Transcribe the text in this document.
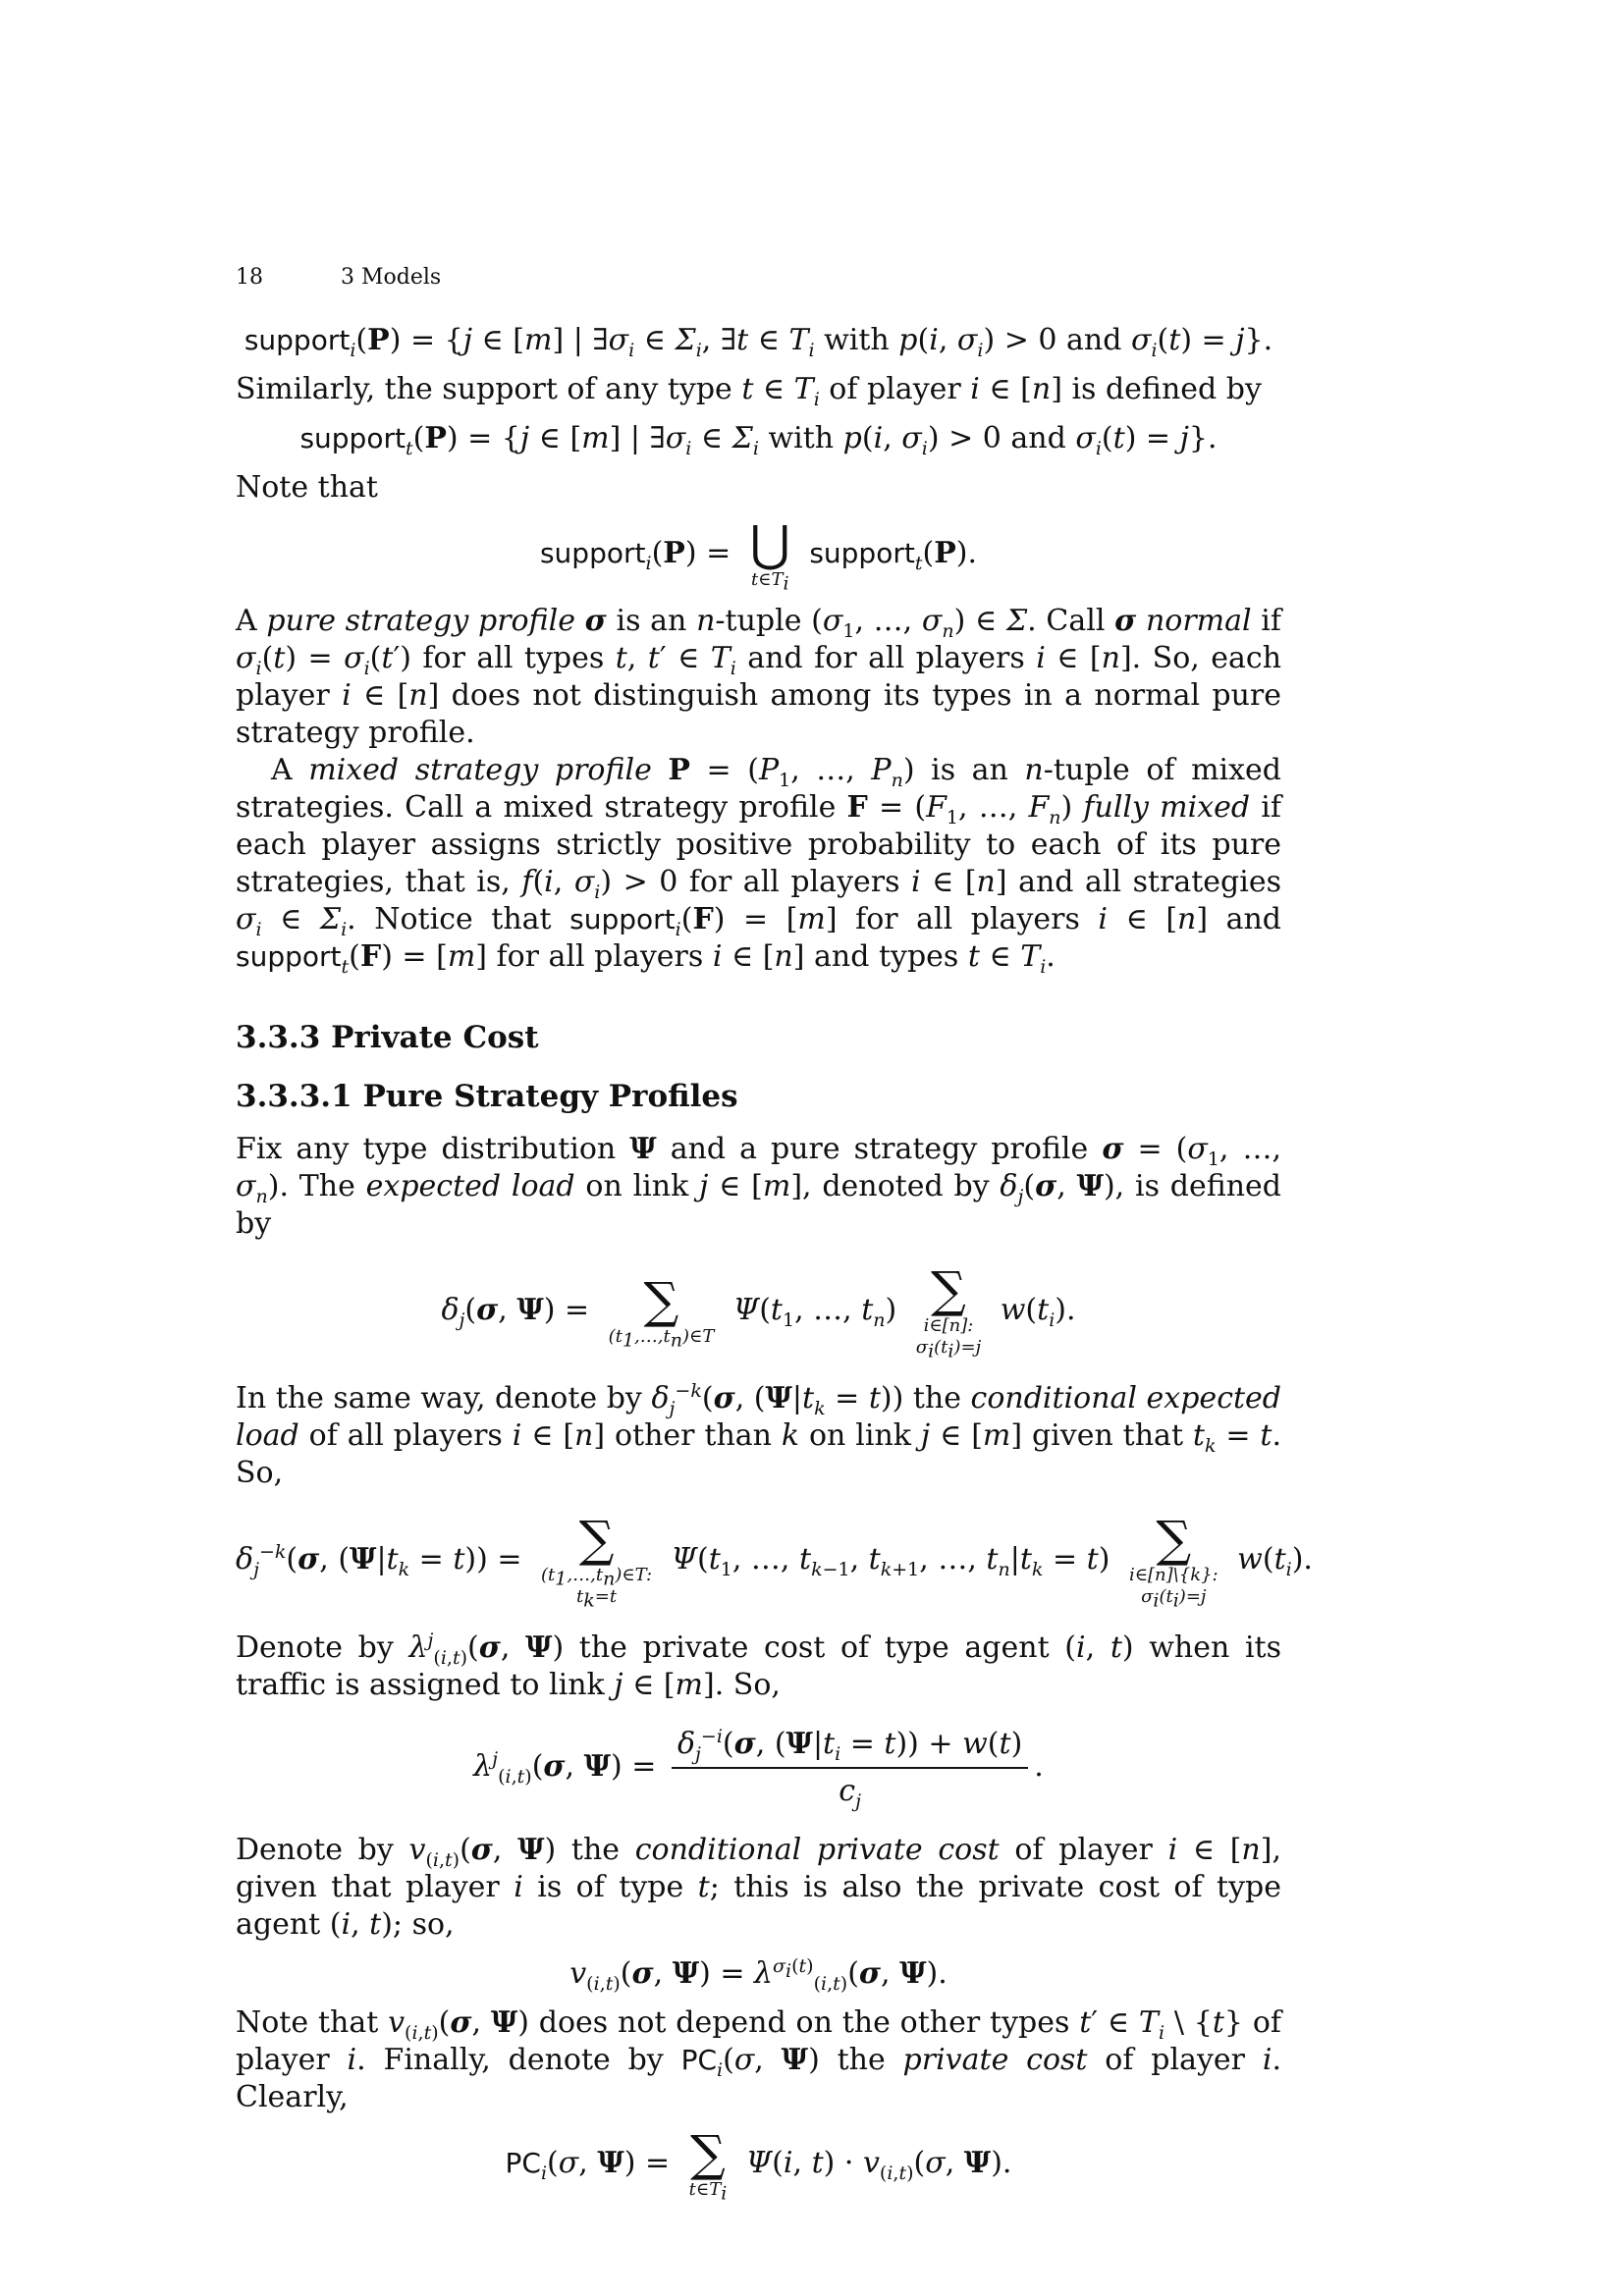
18	3 Models
support$_i$(P) = {j ∈ [m] | $\exists\sigma_i$ ∈ $\Sigma_i$, ∃t ∈ $T_i$ with p(i, $\sigma_i) > 0$ and $\sigma_i(t) = j$}.

Similarly, the support of any type t ∈ $T_i$ of player i ∈ [n] is defined by

support$_t$(P) = {j ∈ [m] | $\exists\sigma_i$ ∈ $\Sigma_i$ with p(i, $\sigma_i) > 0$ and $\sigma_i(t) = j$}.

Note that

support$_i$(P) = ⋃
$t\in T_i$
support$_t$(P).

A pure strategy profile σ is an n-tuple ($\sigma_1$, …, $\sigma_n$) ∈ Σ. Call σ normal if $\sigma_i(t) = \sigma_i(t')$ for all types t, t′ ∈ $T_i$ and for all players i ∈ [n]. So, each player i ∈ [n] does not distinguish among its types in a normal pure strategy profile.

A mixed strategy profile $P = (P_1$, …, $P_n$) is an n-tuple of mixed strategies. Call a mixed strategy profile $F = (F_1$, …, $F_n$) fully mixed if each player assigns strictly positive probability to each of its pure strategies, that is, f(i, $\sigma_i) > 0$ for all players i ∈ [n] and all strategies $\sigma_i$ ∈ $\Sigma_i$. Notice that support$_i$(F) = [m] for all players i ∈ [n] and support$_t$(F) = [m] for all players i ∈ [n] and types t ∈ $T_i$.

3.3.3 Private Cost
3.3.3.1 Pure Strategy Profiles

Fix any type distribution Ψ and a pure strategy profile $\sigma = (\sigma_1$, …, $\sigma_n$). The expected load on link j ∈ [m], denoted by $\delta_j(\sigma$, Ψ), is defined by

$\delta_j(\sigma$, Ψ) = ∑
$(t_1,\dots,t_n)\in T$
$\Psi(t_1$, …, $t_n$) ∑
i∈[n]:
$\sigma_i(t_i)=j$
$w(t_i)$.

In the same way, denote by $\delta_j^{-k}(\sigma$, $(\Psi|t_k = t)$) the conditional expected load of all players i ∈ [n] other than k on link j ∈ [m] given that $t_k = t$. So,

$\delta_j^{-k}(\sigma$, $(\Psi|t_k = t)$) = ∑
$(t_1,\dots,t_n)\in T$:
$t_k=t$
$\Psi(t_1$, …, $t_{k-1}$, $t_{k+1}$, …, $t_n|t_k = t$) ∑
i∈[n]\{k}:
$\sigma_i(t_i)=j$
$w(t_i)$.

Denote by $\lambda^j_{(i,t)}(\sigma$, Ψ) the private cost of type agent (i, t) when its traffic is assigned to link j ∈ [m]. So,

$\lambda^j_{(i,t)}(\sigma$, $\Psi) = \frac{\delta_j^{-i}(\sigma, (\Psi|t_i = t)) + w(t)}{c_j}$ .

Denote by $v_{(i,t)}(\sigma$, Ψ) the conditional private cost of player i ∈ [n], given that player i is of type t; this is also the private cost of type agent (i, t); so,

$v_{(i,t)}(\sigma$, $\Psi) = \lambda^{\sigma_i(t)}_{(i,t)}(\sigma$, Ψ).

Note that $v_{(i,t)}(\sigma$, Ψ) does not depend on the other types t′ ∈ $T_i$ \ {t} of player i. Finally, denote by $PC_i(\sigma$, Ψ) the private cost of player i. Clearly,

$PC_i(\sigma$, Ψ) = ∑
$t\in T_i$
Ψ(i, $t) \cdot v_{(i,t)}(\sigma$, Ψ).
